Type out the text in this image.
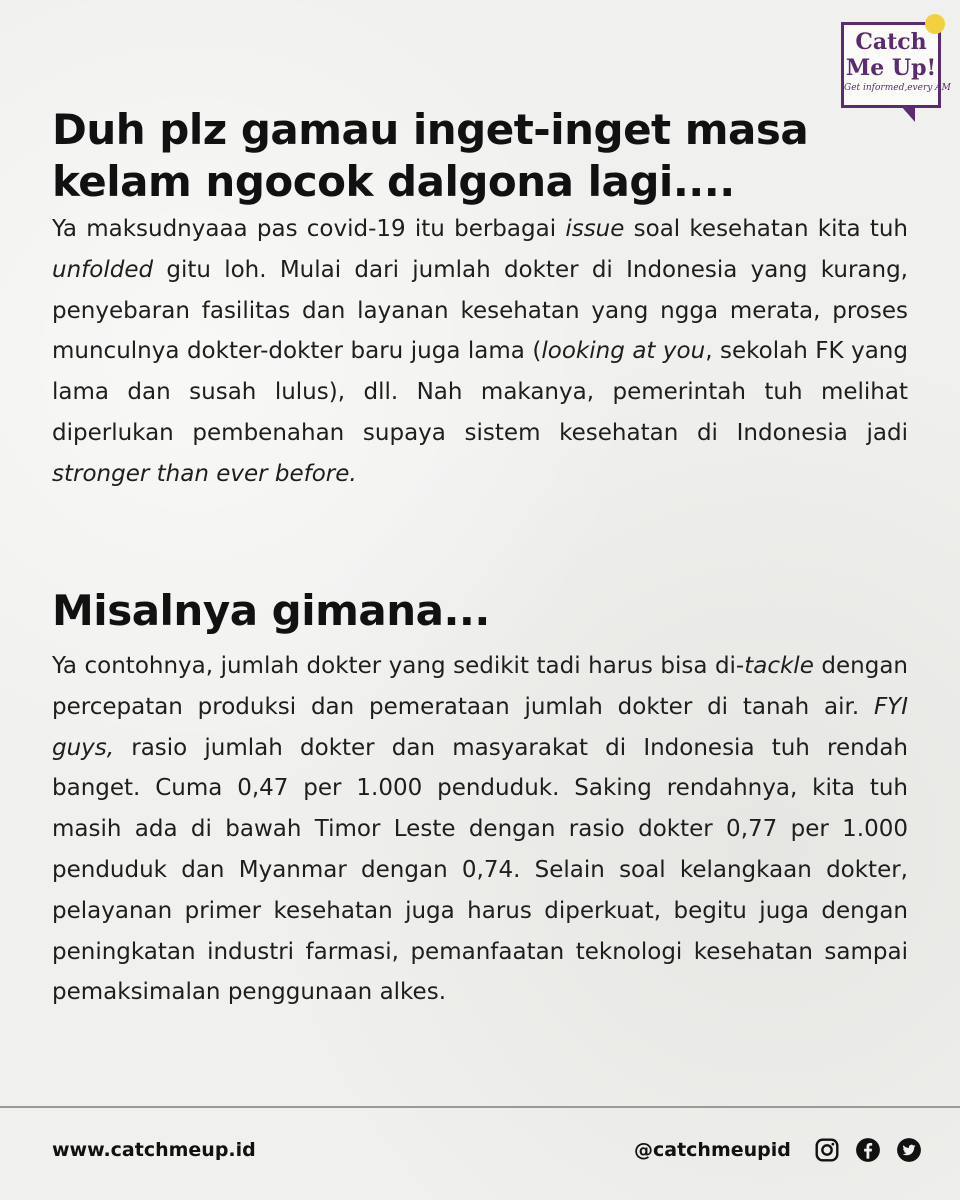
Catch
Me Up!
Get informed,every AM
Duh plz gamau inget-inget masa kelam ngocok dalgona lagi....

Ya maksudnyaaa pas covid-19 itu berbagai issue soal kesehatan kita tuh unfolded gitu loh. Mulai dari jumlah dokter di Indonesia yang kurang, penyebaran fasilitas dan layanan kesehatan yang ngga merata, proses munculnya dokter-dokter baru juga lama (looking at you, sekolah FK yang lama dan susah lulus), dll. Nah makanya, pemerintah tuh melihat diperlukan pembenahan supaya sistem kesehatan di Indonesia jadi stronger than ever before.

Misalnya gimana...

Ya contohnya, jumlah dokter yang sedikit tadi harus bisa di-tackle dengan percepatan produksi dan pemerataan jumlah dokter di tanah air. FYI guys, rasio jumlah dokter dan masyarakat di Indonesia tuh rendah banget. Cuma 0,47 per 1.000 penduduk. Saking rendahnya, kita tuh masih ada di bawah Timor Leste dengan rasio dokter 0,77 per 1.000 penduduk dan Myanmar dengan 0,74. Selain soal kelangkaan dokter, pelayanan primer kesehatan juga harus diperkuat, begitu juga dengan peningkatan industri farmasi, pemanfaatan teknologi kesehatan sampai pemaksimalan penggunaan alkes.

www.catchmeup.id	@catchmeupid
